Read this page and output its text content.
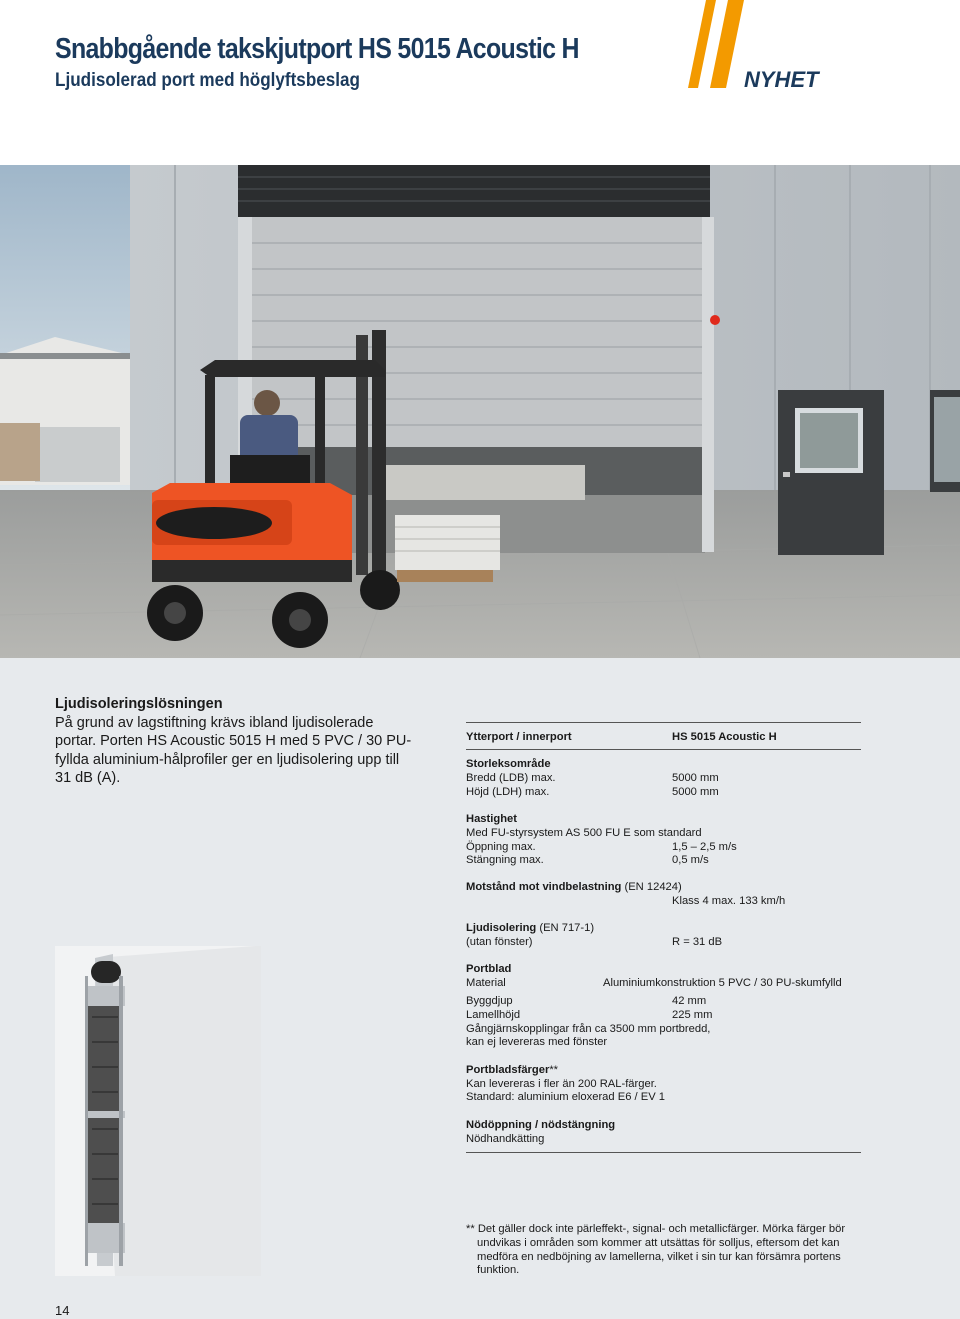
Snabbgående takskjutport HS 5015 Acoustic H
Ljudisolerad port med höglyftsbeslag	NYHET
Ljudisoleringslösningen
På grund av lagstiftning krävs ibland ljudisolerade portar. Porten HS Acoustic 5015 H med 5 PVC / 30 PU-fyllda aluminium-hålprofiler ger en ljudisolering upp till 31 dB (A).
Ytterport / innerport	HS 5015 Acoustic H
Storleksområde
Bredd (LDB) max.	5000 mm
Höjd (LDH) max.	5000 mm
Hastighet
Med FU-styrsystem AS 500 FU E som standard
Öppning max.	1,5 – 2,5 m/s
Stängning max.	0,5 m/s
Motstånd mot vindbelastning (EN 12424)
Klass 4 max. 133 km/h
Ljudisolering (EN 717-1)
(utan fönster)	R = 31 dB
Portblad
Material	Aluminiumkonstruktion 5 PVC / 30 PU-skumfylld
Byggdjup	42 mm
Lamellhöjd	225 mm
Gångjärnskopplingar från ca 3500 mm portbredd,
kan ej levereras med fönster
Portbladsfärger**
Kan levereras i fler än 200 RAL-färger.
Standard: aluminium eloxerad E6 / EV 1
Nödöppning / nödstängning
Nödhandkätting
** Det gäller dock inte pärleffekt-, signal- och metallicfärger. Mörka färger bör undvikas i områden som kommer att utsättas för solljus, eftersom det kan medföra en nedböjning av lamellerna, vilket i sin tur kan försämra portens funktion.
14
